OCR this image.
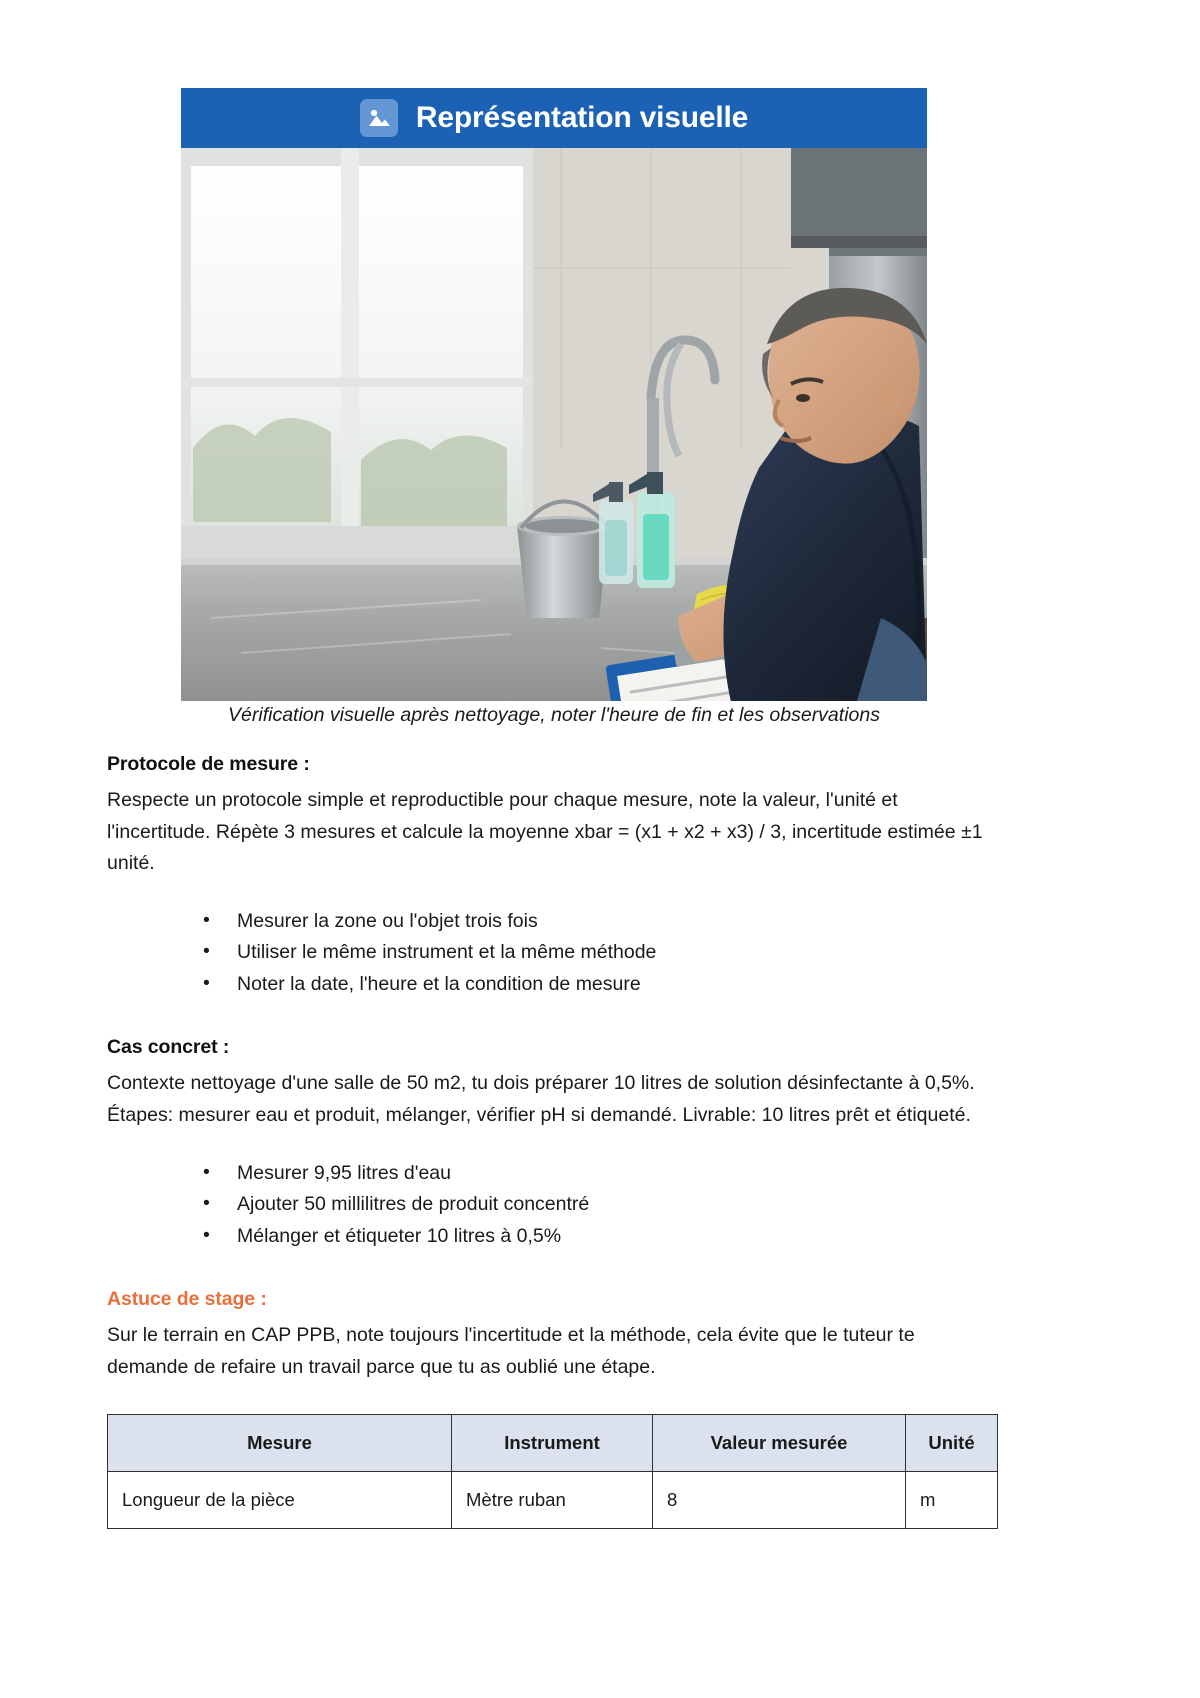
Représentation visuelle
Vérification visuelle après nettoyage, noter l'heure de fin et les observations
Protocole de mesure :

Respecte un protocole simple et reproductible pour chaque mesure, note la valeur, l'unité et l'incertitude. Répète 3 mesures et calcule la moyenne xbar = (x1 + x2 + x3) / 3, incertitude estimée ±1 unité.

• Mesurer la zone ou l'objet trois fois
• Utiliser le même instrument et la même méthode
• Noter la date, l'heure et la condition de mesure
Cas concret :

Contexte nettoyage d'une salle de 50 m2, tu dois préparer 10 litres de solution désinfectante à 0,5%. Étapes: mesurer eau et produit, mélanger, vérifier pH si demandé. Livrable: 10 litres prêt et étiqueté.

• Mesurer 9,95 litres d'eau
• Ajouter 50 millilitres de produit concentré
• Mélanger et étiqueter 10 litres à 0,5%
Astuce de stage :

Sur le terrain en CAP PPB, note toujours l'incertitude et la méthode, cela évite que le tuteur te demande de refaire un travail parce que tu as oublié une étape.

Mesure	Instrument	Valeur mesurée	Unité
Longueur de la pièce	Mètre ruban	8	m
